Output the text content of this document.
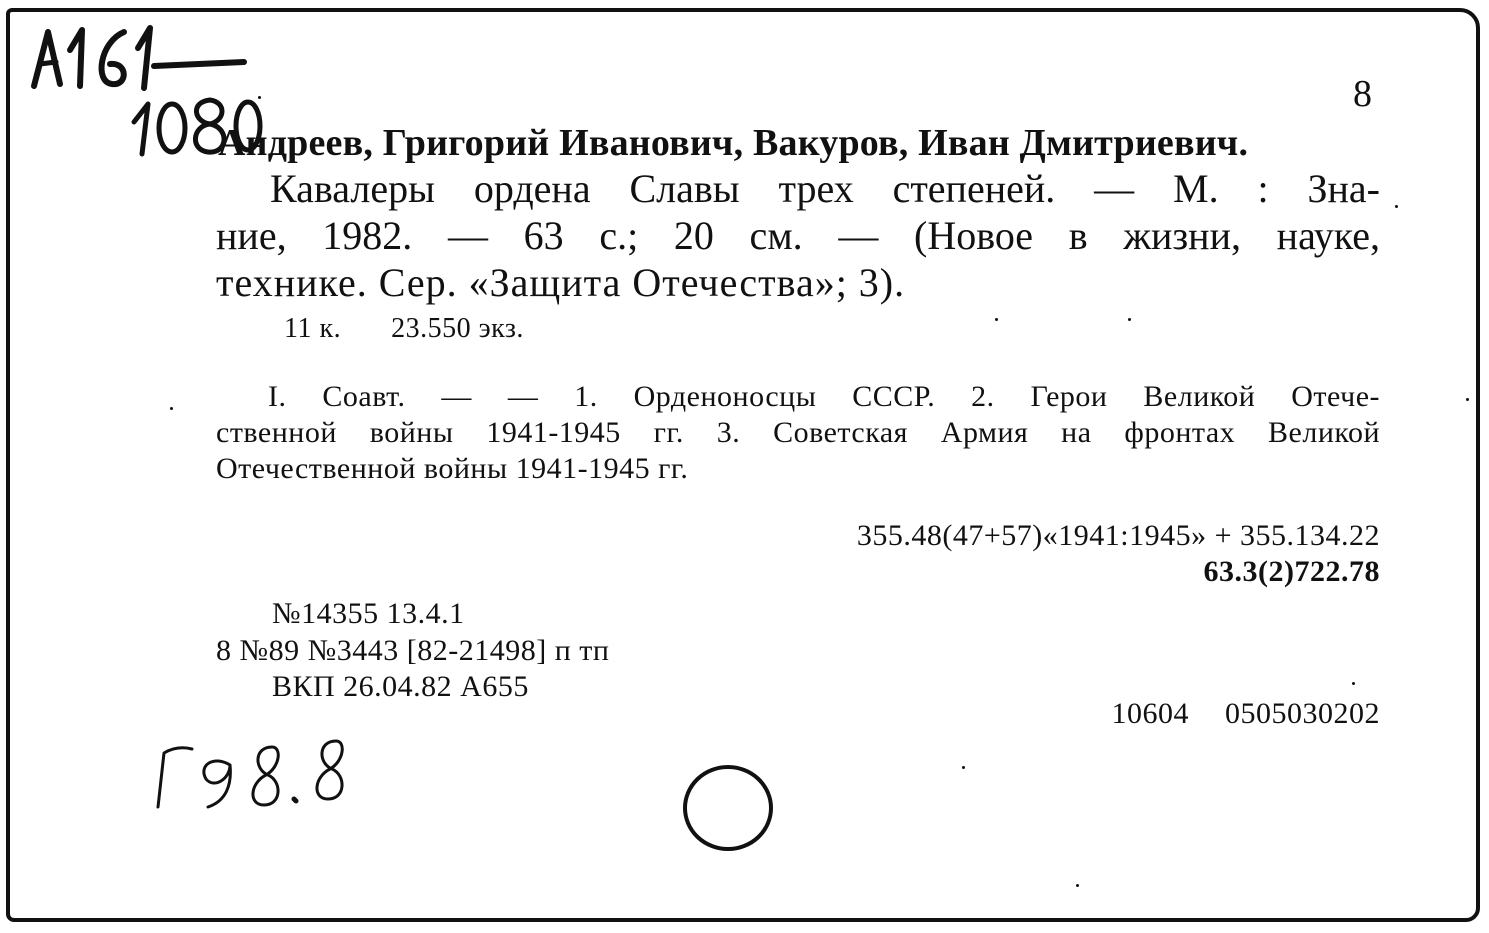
8

Андреев, Григорий Иванович, Вакуров, Иван Дмитриевич.

Кавалеры ордена Славы трех степеней. — М. : Зна-

ние, 1982. — 63 с.; 20 см. — (Новое в жизни, науке,

технике. Сер. «Защита Отечества»; 3).

11 к. 23.550 экз.

I. Соавт. — — 1. Орденоносцы СССР. 2. Герои Великой Отече-

ственной войны 1941-1945 гг. 3. Советская Армия на фронтах Великой

Отечественной войны 1941-1945 гг.

355.48(47+57)«1941:1945» + 355.134.22

63.3(2)722.78

№14355 13.4.1

8 №89 №3443 [82-21498] п тп

ВКП 26.04.82 А655

10604 0505030202
